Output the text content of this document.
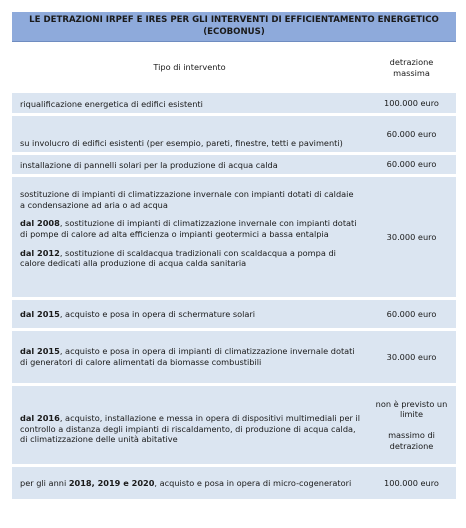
LE DETRAZIONI IRPEF E IRES PER GLI INTERVENTI DI EFFICIENTAMENTO ENERGETICO (ECOBONUS)	
Tipo di intervento	detrazione
massima
riqualificazione energetica di edifici esistenti	100.000 euro

su involucro di edifici esistenti (per esempio, pareti, finestre, tetti e pavimenti)	60.000 euro

installazione di pannelli solari per la produzione di acqua calda	60.000 euro

sostituzione di impianti di climatizzazione invernale con impianti dotati di caldaie a condensazione ad aria o ad acqua
dal 2008, sostituzione di impianti di climatizzazione invernale con impianti dotati di pompe di calore ad alta efficienza o impianti geotermici a bassa entalpia
dal 2012, sostituzione di scaldacqua tradizionali con scaldacqua a pompa di calore dedicati alla produzione di acqua calda sanitaria	30.000 euro

dal 2015, acquisto e posa in opera di schermature solari	60.000 euro

dal 2015, acquisto e posa in opera di impianti di climatizzazione invernale dotati di generatori di calore alimentati da biomasse combustibili	30.000 euro

dal 2016, acquisto, installazione e messa in opera di dispositivi multimediali per il controllo a distanza degli impianti di riscaldamento, di produzione di acqua calda, di climatizzazione delle unità abitative	non è previsto un limite
massimo di detrazione

per gli anni 2018, 2019 e 2020, acquisto e posa in opera di micro-cogeneratori	100.000 euro
